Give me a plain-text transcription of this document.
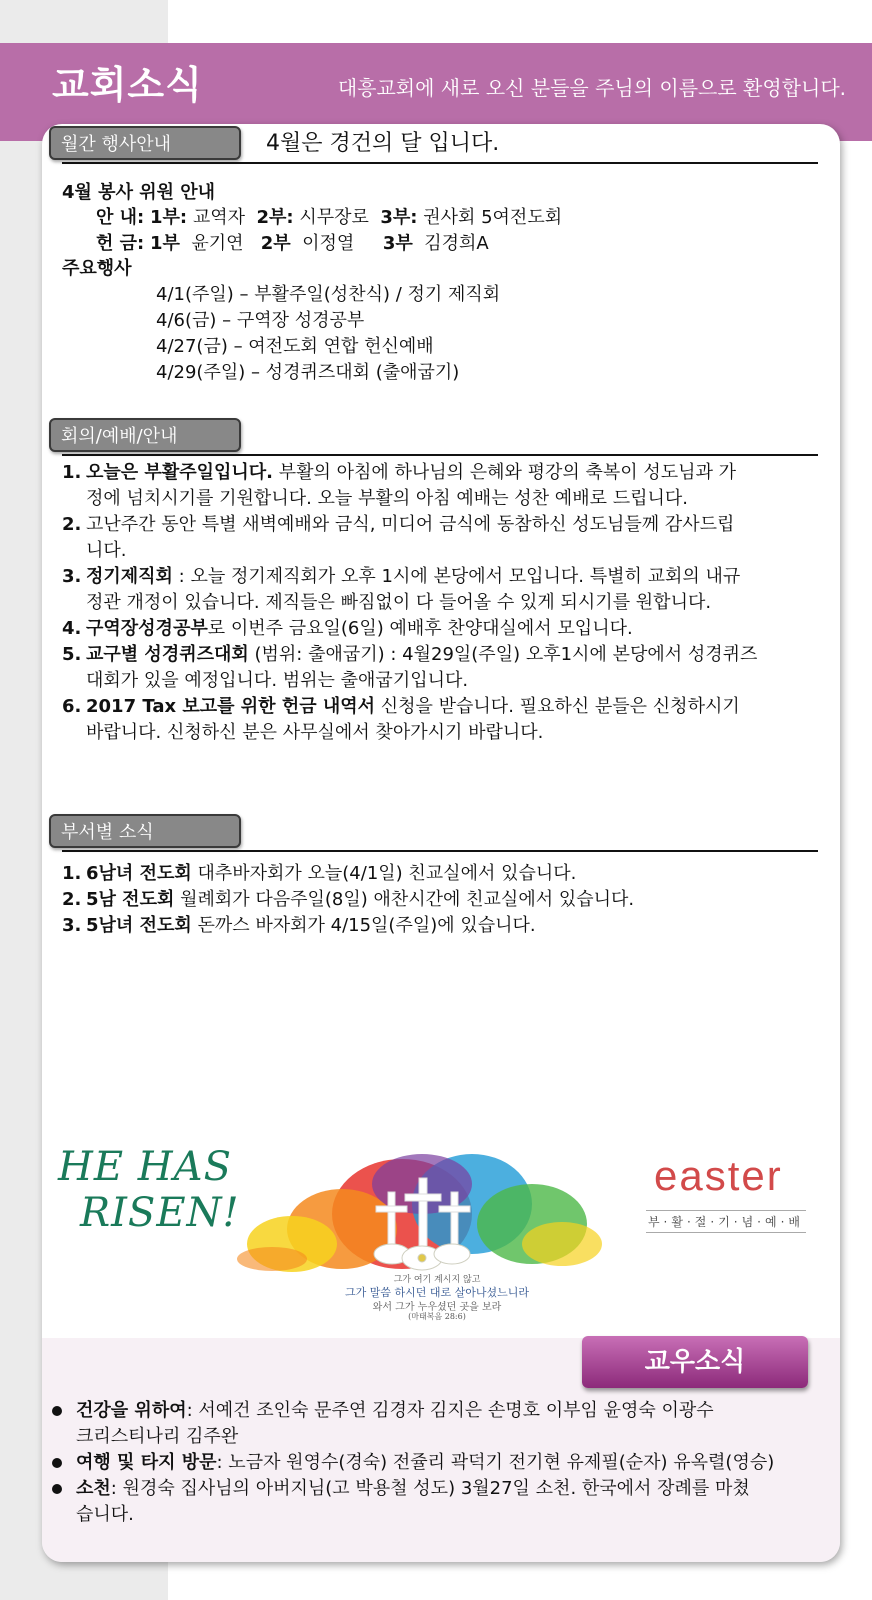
교회소식	대흥교회에 새로 오신 분들을 주님의 이름으로 환영합니다.
월간 행사안내	4월은 경건의 달 입니다.
4월 봉사 위원 안내
안 내: 1부: 교역자 2부: 시무장로 3부: 권사회 5여전도회
헌 금: 1부 윤기연 2부 이정열 3부 김경희A
주요행사
4/1(주일) – 부활주일(성찬식) / 정기 제직회
4/6(금) – 구역장 성경공부
4/27(금) – 여전도회 연합 헌신예배
4/29(주일) – 성경퀴즈대회 (출애굽기)
회의/예배/안내
1. 오늘은 부활주일입니다. 부활의 아침에 하나님의 은혜와 평강의 축복이 성도님과 가
정에 넘치시기를 기원합니다. 오늘 부활의 아침 예배는 성찬 예배로 드립니다.
2. 고난주간 동안 특별 새벽예배와 금식, 미디어 금식에 동참하신 성도님들께 감사드립
니다.
3. 정기제직회 : 오늘 정기제직회가 오후 1시에 본당에서 모입니다. 특별히 교회의 내규
정관 개정이 있습니다. 제직들은 빠짐없이 다 들어올 수 있게 되시기를 원합니다.
4. 구역장성경공부로 이번주 금요일(6일) 예배후 찬양대실에서 모입니다.
5. 교구별 성경퀴즈대회 (범위: 출애굽기) : 4월29일(주일) 오후1시에 본당에서 성경퀴즈
대회가 있을 예정입니다. 범위는 출애굽기입니다.
6. 2017 Tax 보고를 위한 헌금 내역서 신청을 받습니다. 필요하신 분들은 신청하시기
바랍니다. 신청하신 분은 사무실에서 찾아가시기 바랍니다.
부서별 소식
1. 6남녀 전도회 대추바자회가 오늘(4/1일) 친교실에서 있습니다.
2. 5남 전도회 월례회가 다음주일(8일) 애찬시간에 친교실에서 있습니다.
3. 5남녀 전도회 돈까스 바자회가 4/15일(주일)에 있습니다.
HE HAS
RISEN!
easter
부·활·절·기·념·예·배
그가 여기 계시지 않고
그가 말씀 하시던 대로 살아나셨느니라
와서 그가 누우셨던 곳을 보라
(마태복음 28:6)
교우소식
건강을 위하여: 서예건 조인숙 문주연 김경자 김지은 손명호 이부임 윤영숙 이광수
크리스티나리 김주완
여행 및 타지 방문: 노금자 원영수(경숙) 전쥴리 곽덕기 전기현 유제필(순자) 유옥렬(영승)
소천: 원경숙 집사님의 아버지님(고 박용철 성도) 3월27일 소천. 한국에서 장례를 마쳤
습니다.
